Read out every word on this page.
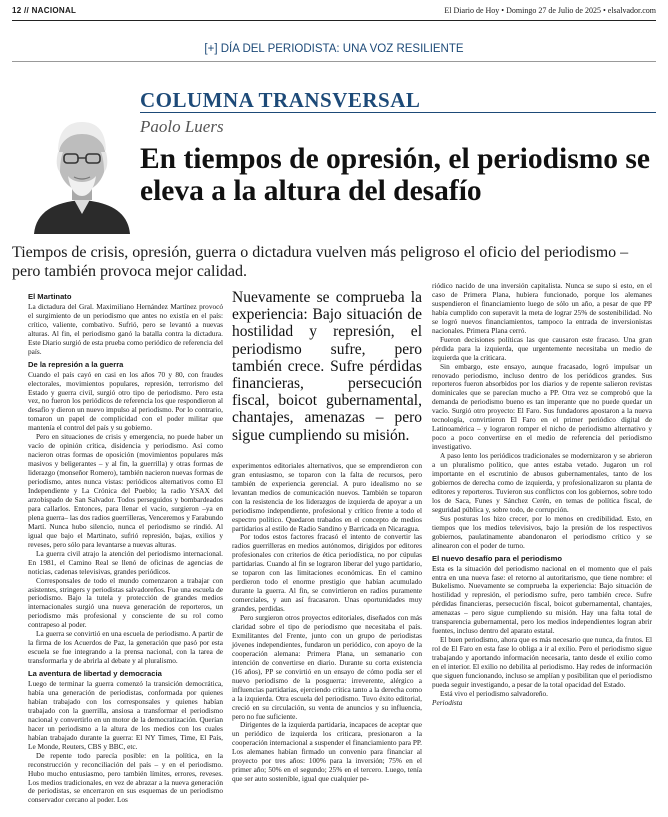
12 // NACIONAL	El Diario de Hoy • Domingo 27 de Julio de 2025 • elsalvador.com
[+] DÍA DEL PERIODISTA: UNA VOZ RESILIENTE
COLUMNA TRANSVERSAL
Paolo Luers
En tiempos de opresión, el periodismo se eleva a la altura del desafío
Tiempos de crisis, opresión, guerra o dictadura vuelven más peligroso el oficio del periodismo – pero también provoca mejor calidad.
El Martinato

La dictadura del Gral. Maximiliano Hernández Martínez provocó el surgimiento de un periodismo que antes no existía en el país: crítico, valiente, combativo. Sufrió, pero se levantó a nuevas alturas. Al fin, el periodismo ganó la batalla contra la dictadura. Este Diario surgió de esta prueba como periódico de referencia del país.

De la represión a la guerra

Cuando el país cayó en casi en los años 70 y 80, con fraudes electorales, movimientos populares, represión, terrorismo del Estado y guerra civil, surgió otro tipo de periodismo. Pero esta vez, no fueron los periódicos de referencia los que respondieron al desafío y dieron un nuevo impulso al periodismo. Por lo contrario, tomaron un papel de complicidad con el poder militar que mantenía el control del país y su gobierno.

Pero en situaciones de crisis y emergencia, no puede haber un vacío de opinión crítica, disidencia y periodismo. Así como nacieron otras formas de oposición (movimientos populares más masivos y beligerantes – y al fin, la guerrilla) y otras formas de liderazgo (monseñor Romero), también nacieron nuevas formas de periodismo, antes nunca vistas: periódicos alternativos como El Independiente y La Crónica del Pueblo; la radio YSAX del arzobispado de San Salvador. Todos perseguidos y bombardeados para callarlos. Entonces, para llenar el vacío, surgieron –ya en plena guerra– las dos radios guerrilleras, Venceremos y Farabundo Martí. Nunca hubo silencio, nunca el periodismo se rindió. Al igual que bajo el Martinato, sufrió represión, bajas, exilios y reveses, pero sólo para levantarse a nuevas alturas.

La guerra civil atrajo la atención del periodismo internacional. En 1981, el Camino Real se llenó de oficinas de agencias de noticias, cadenas televisivas, grandes periódicos.

Corresponsales de todo el mundo comenzaron a trabajar con asistentes, stringers y periodistas salvadoreños. Fue una escuela de periodismo. Bajo la tutela y protección de grandes medios internacionales surgió una nueva generación de reporteros, un periodismo más profesional y consciente de su rol como contrapeso al poder.

La guerra se convirtió en una escuela de periodismo. A partir de la firma de los Acuerdos de Paz, la generación que pasó por esta escuela se fue integrando a la prensa nacional, con la tarea de transformarla y de abrirla al debate y al pluralismo.

La aventura de libertad y democracia

Luego de terminar la guerra comenzó la transición democrática, había una generación de periodistas, conformada por quienes habían trabajado con los corresponsales y quienes habían trabajado con la guerrilla, ansiosa a transformar el periodismo nacional y convertirlo en un motor de la democratización. Querían hacer un periodismo a la altura de los medios con los cuales habían trabajado durante la guerra: El NY Times, Time, El País, Le Monde, Reuters, CBS y BBC, etc.

De repente todo parecía posible: en la política, en la reconstrucción y reconciliación del país – y en el periodismo. Hubo mucho entusiasmo, pero también límites, errores, reveses. Los medios tradicionales, en vez de abrazar a la nueva generación de periodistas, se encerraron en sus esquemas de un periodismo conservador cercano al poder. Los

Nuevamente se comprueba la experiencia: Bajo situación de hostilidad y represión, el periodismo sufre, pero también crece. Sufre pérdidas financieras, persecución fiscal, boicot gubernamental, chantajes, amenazas – pero sigue cumpliendo su misión.

experimentos editoriales alternativos, que se emprendieron con gran entusiasmo, se toparon con la falta de recursos, pero también de experiencia gerencial. A puro idealismo no se levantan medios de comunicación nuevos. También se toparon con la resistencia de los liderazgos de izquierda de apoyar a un periodismo independiente, profesional y crítico frente a todo el espectro político. Quedaron trabados en el concepto de medios partidarios al estilo de Radio Sandino y Barricada en Nicaragua.

Por todos estos factores fracasó el intento de convertir las radios guerrilleras en medios autónomos, dirigidos por editores profesionales con criterios de ética periodística, no por cúpulas partidarias. Cuando al fin se lograron liberar del yugo partidario, se toparon con las limitaciones económicas. En el camino perdieron todo el enorme prestigio que habían acumulado durante la guerra. Al fin, se convirtieron en radios puramente comerciales, y aun así fracasaron. Unas oportunidades muy grandes, perdidas.

Pero surgieron otros proyectos editoriales, diseñados con más claridad sobre el tipo de periodismo que necesitaba el país. Exmilitantes del Frente, junto con un grupo de periodistas jóvenes independientes, fundaron un periódico, con apoyo de la cooperación alemana: Primera Plana, un semanario con intención de convertirse en diario. Durante su corta existencia (16 años), PP se convirtió en un ensayo de cómo podía ser el nuevo periodismo de la posguerra: irreverente, alérgico a influencias partidarias, ejerciendo crítica tanto a la derecha como a la izquierda. Otra escuela del periodismo. Tuvo éxito editorial, creció en su circulación, su venta de anuncios y su influencia, pero no fue suficiente.

Dirigentes de la izquierda partidaria, incapaces de aceptar que un periódico de izquierda los criticara, presionaron a la cooperación internacional a suspender el financiamiento para PP. Los alemanes habían firmado un convenio para financiar al proyecto por tres años: 100% para la inversión; 75% en el primer año; 50% en el segundo; 25% en el tercero. Luego, tenía que ser auto sostenible, igual que cualquier pe-

riódico nacido de una inversión capitalista. Nunca se supo si esto, en el caso de Primera Plana, hubiera funcionado, porque los alemanes suspendieron el financiamiento luego de sólo un año, a pesar de que PP había cumplido con superavit la meta de lograr 25% de sostenibilidad. No se logró nuevos financiamientos, tampoco la entrada de inversionistas nacionales. Primera Plana cerró.

Fueron decisiones políticas las que causaron este fracaso. Una gran pérdida para la izquierda, que urgentemente necesitaba un medio de izquierda que la criticara.

Sin embargo, este ensayo, aunque fracasado, logró impulsar un renovado periodismo, incluso dentro de los periódicos grandes. Sus reporteros fueron absorbidos por los diarios y de repente salieron revistas dominicales que se parecían mucho a PP. Otra vez se comprobó que la demanda de periodismo bueno es tan imperante que no puede quedar un vacío. Surgió otro proyecto: El Faro. Sus fundadores apostaron a la nueva tecnología, convirtieron El Faro en el primer periódico digital de Latinoamérica – y lograron romper el nicho de periodismo alternativo y poco a poco convertirse en el medio de referencia del periodismo investigativo.

A paso lento los periódicos tradicionales se modernizaron y se abrieron a un pluralismo político, que antes estaba vetado. Jugaron un rol importante en el escrutinio de abusos gubernamentales, tanto de los gobiernos de derecha como de izquierda, y profesionalizaron su planta de editores y reporteros. Tuvieron sus conflictos con los gobiernos, sobre todo los de Saca, Funes y Sánchez Cerén, en temas de política fiscal, de seguridad pública y, sobre todo, de corrupción.

Sus posturas los hizo crecer, por lo menos en credibilidad. Esto, en tiempos que los medios televisivos, bajo la presión de los respectivos gobiernos, paulatinamente abandonaron el periodismo crítico y se alinearon con el poder de turno.

El nuevo desafío para el periodismo

Esta es la situación del periodismo nacional en el momento que el país entra en una nueva fase: el retorno al autoritarismo, que tiene nombre: el Bukelismo. Nuevamente se comprueba la experiencia: Bajo situación de hostilidad y represión, el periodismo sufre, pero también crece. Sufre pérdidas financieras, persecución fiscal, boicot gubernamental, chantajes, amenazas – pero sigue cumpliendo su misión. Hay una falta total de transparencia gubernamental, pero los medios independientes logran abrir fuentes, incluso dentro del aparato estatal.

El buen periodismo, ahora que es más necesario que nunca, da frutos. El rol de El Faro en esta fase lo obliga a ir al exilio. Pero el periodismo sigue trabajando y aportando información necesaria, tanto desde el exilio como en el interior. El exilio no debilita al periodismo. Hay redes de información que siguen funcionando, incluso se amplían y posibilitan que el periodismo pueda seguir investigando, a pesar de la total opacidad del Estado.

Está vivo el periodismo salvadoreño.

Periodista
